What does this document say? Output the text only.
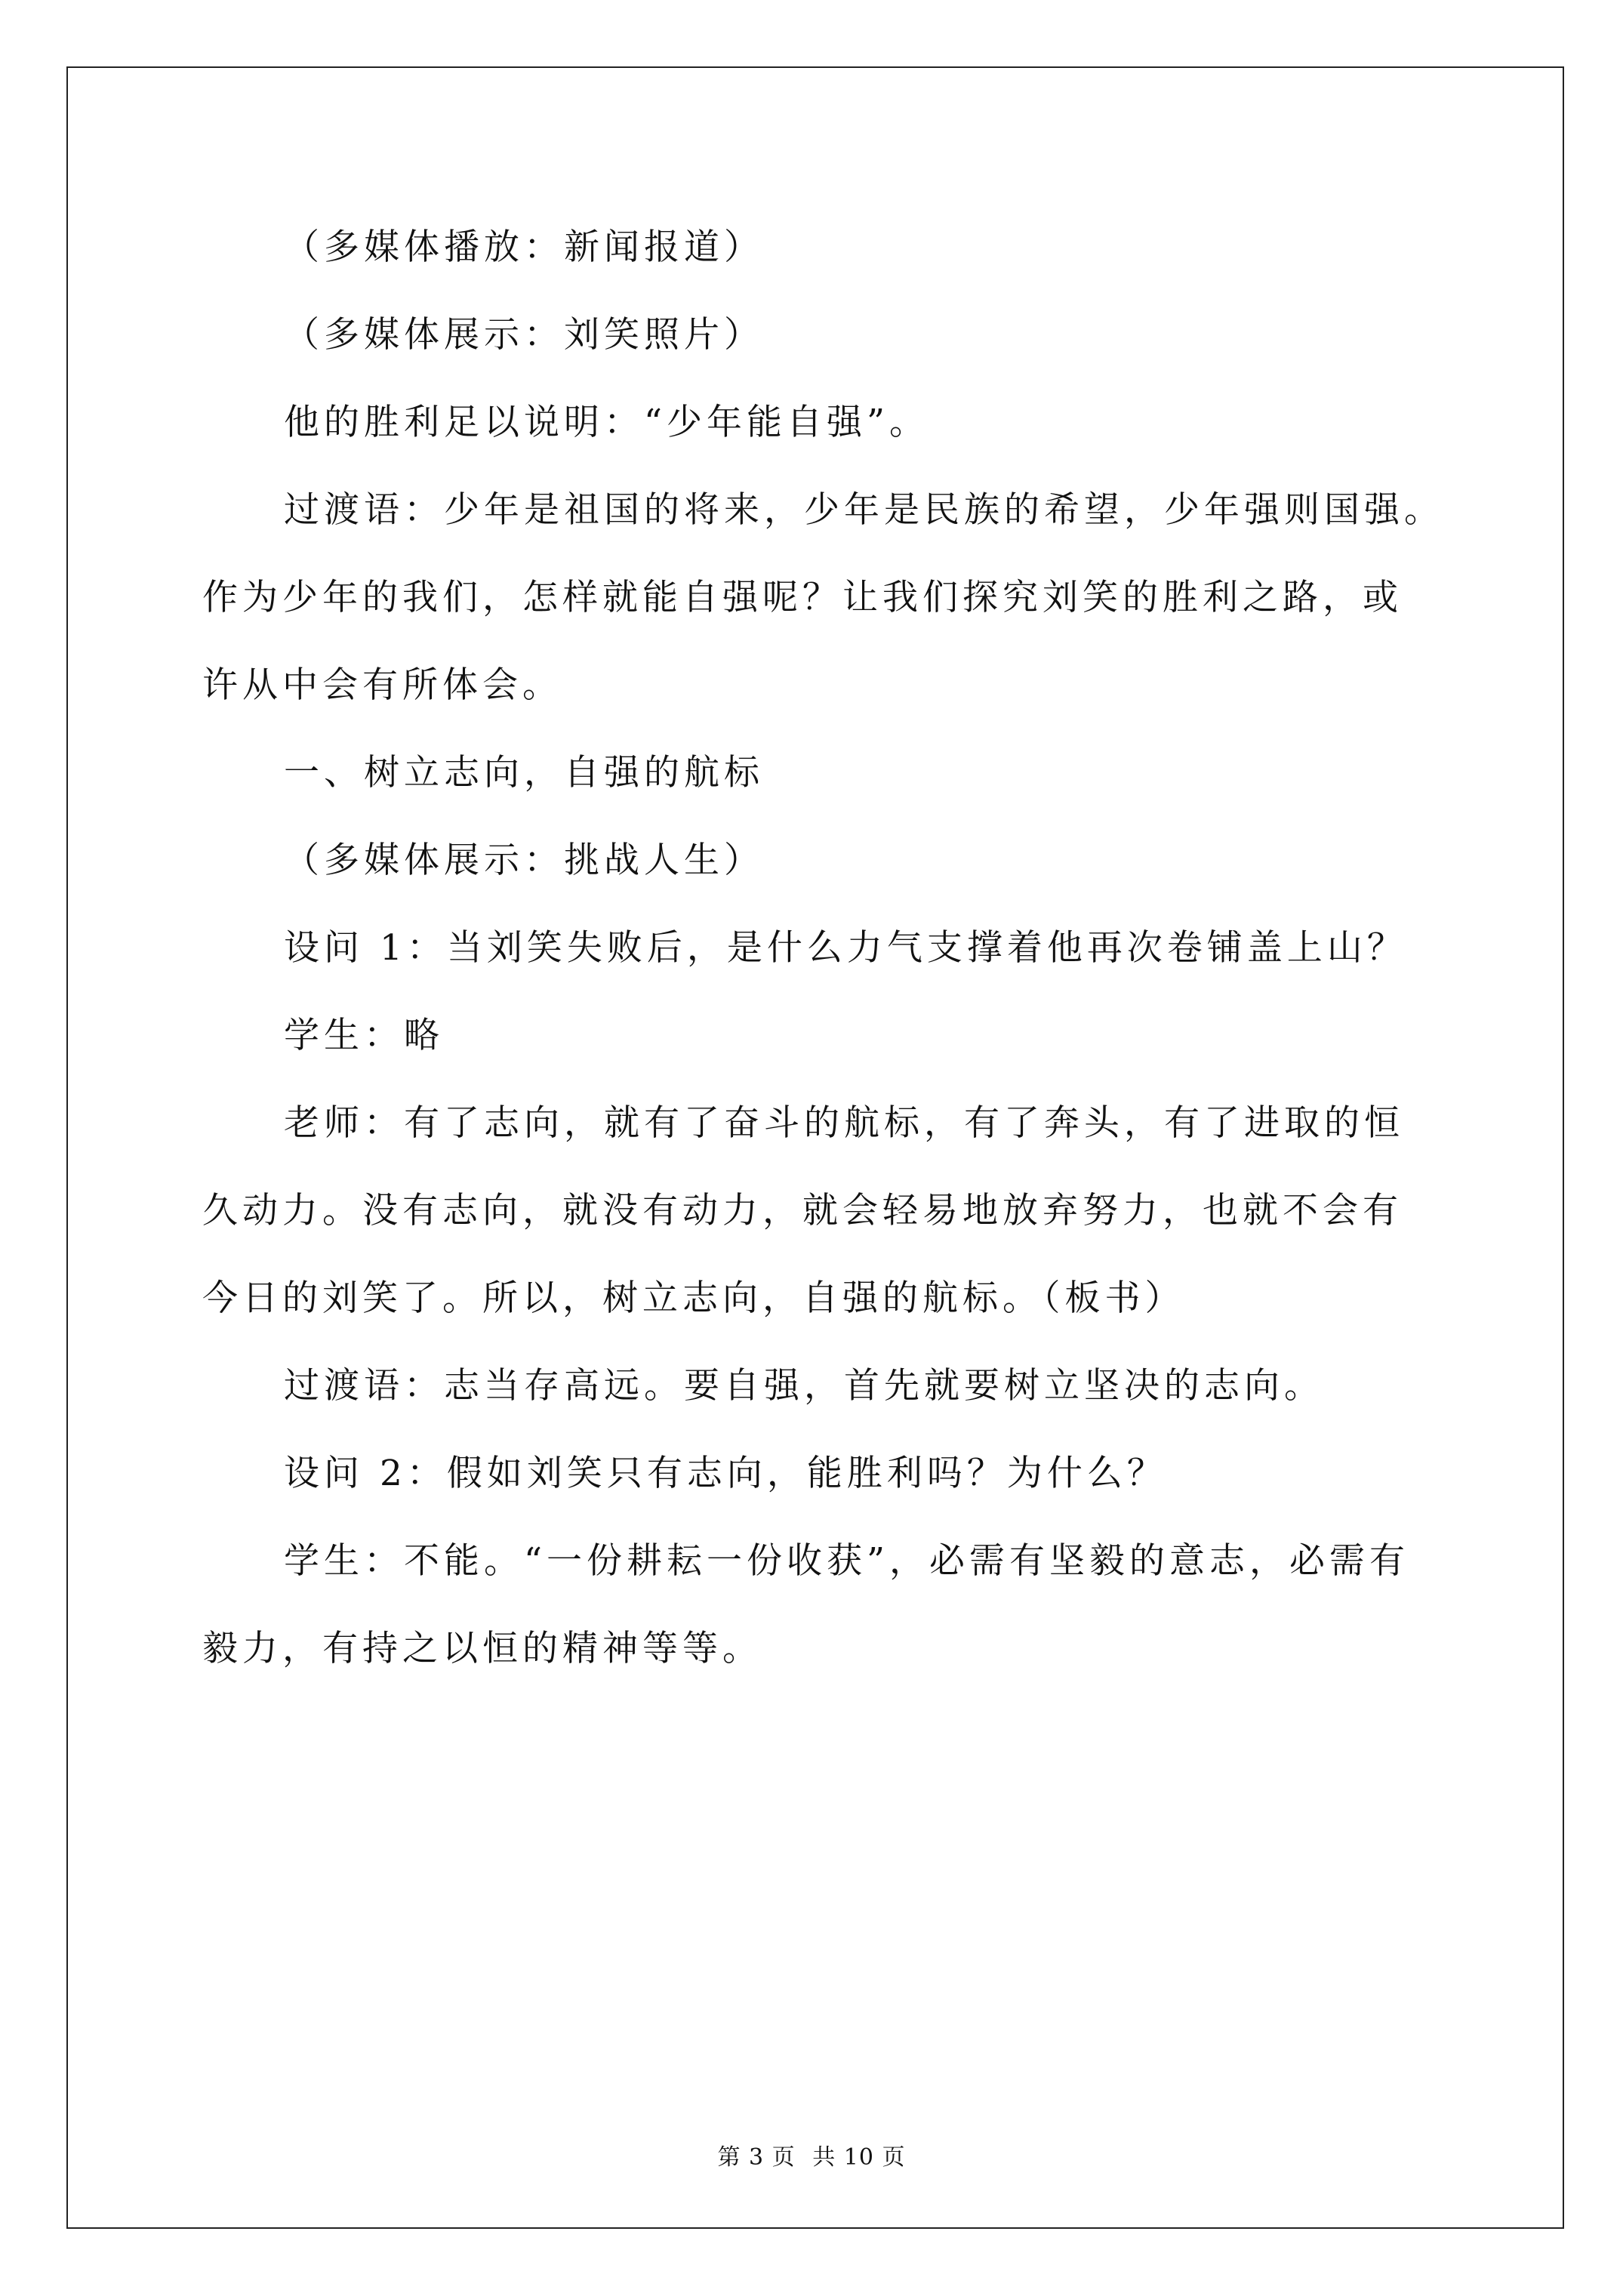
（多媒体播放：新闻报道）
（多媒体展示：刘笑照片）
他的胜利足以说明：“少年能自强”。
过渡语：少年是祖国的将来，少年是民族的希望，少年强则国强。
作为少年的我们，怎样就能自强呢？让我们探究刘笑的胜利之路，或
许从中会有所体会。
一、树立志向，自强的航标
（多媒体展示：挑战人生）
设问 1：当刘笑失败后，是什么力气支撑着他再次卷铺盖上山？
学生：略
老师：有了志向，就有了奋斗的航标，有了奔头，有了进取的恒
久动力。没有志向，就没有动力，就会轻易地放弃努力，也就不会有
今日的刘笑了。所以，树立志向，自强的航标。（板书）
过渡语：志当存高远。要自强，首先就要树立坚决的志向。
设问 2：假如刘笑只有志向，能胜利吗？为什么？
学生：不能。“一份耕耘一份收获”，必需有坚毅的意志，必需有
毅力，有持之以恒的精神等等。
第 3 页 共 10 页
